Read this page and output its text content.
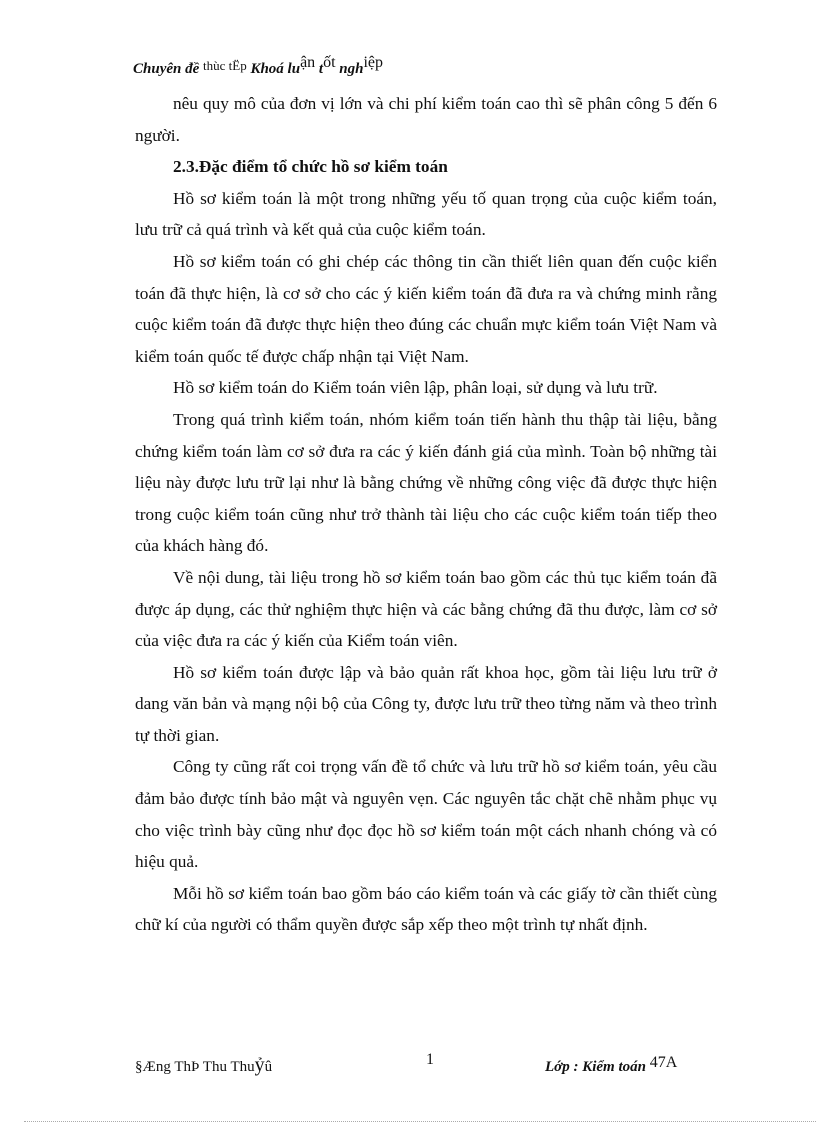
Chuyên đề thùc tËp Khoá luận tốt nghiệp

nêu quy mô của đơn vị lớn và chi phí kiểm toán cao thì sẽ phân công 5 đến 6 người.

2.3.Đặc điểm tổ chức hồ sơ kiểm toán

Hồ sơ kiểm toán là một trong những yếu tố quan trọng của cuộc kiểm toán, lưu trữ cả quá trình và kết quả của cuộc kiểm toán.

Hồ sơ kiểm toán có ghi chép các thông tin cần thiết liên quan đến cuộc kiển toán đã thực hiện, là cơ sở cho các ý kiến kiểm toán đã đưa ra và chứng minh rằng cuộc kiểm toán đã được thực hiện theo đúng các chuẩn mực kiểm toán Việt Nam và kiểm toán quốc tế được chấp nhận tại Việt Nam.

Hồ sơ kiểm toán do Kiểm toán viên lập, phân loại, sử dụng và lưu trữ.

Trong quá trình kiểm toán, nhóm kiểm toán tiến hành thu thập tài liệu, bằng chứng kiểm toán làm cơ sở đưa ra các ý kiến đánh giá của mình. Toàn bộ những tài liệu này được lưu trữ lại như là bằng chứng về những công việc đã được thực hiện trong cuộc kiểm toán cũng như trở thành tài liệu cho các cuộc kiểm toán tiếp theo của khách hàng đó.

Về nội dung, tài liệu trong hồ sơ kiểm toán bao gồm các thủ tục kiểm toán đã được áp dụng, các thử nghiệm thực hiện và các bằng chứng đã thu được, làm cơ sở của việc đưa ra các ý kiến của Kiểm toán viên.

Hồ sơ kiểm toán được lập và bảo quản rất khoa học, gồm tài liệu lưu trữ ở dang văn bản và mạng nội bộ của Công ty, được lưu trữ theo từng năm và theo trình tự thời gian.

Công ty cũng rất coi trọng vấn đề tổ chức và lưu trữ hồ sơ kiểm toán, yêu cầu đảm bảo được tính bảo mật và nguyên vẹn. Các nguyên tắc chặt chẽ nhằm phục vụ cho việc trình bày cũng như đọc đọc hồ sơ kiểm toán một cách nhanh chóng và có hiệu quả.

Mỗi hồ sơ kiểm toán bao gồm báo cáo kiểm toán và các giấy tờ cần thiết cùng chữ kí của người có thẩm quyền được sắp xếp theo một trình tự nhất định.

§Æng ThÞ Thu Thuỷû	1	Lớp : Kiểm toán 47A
